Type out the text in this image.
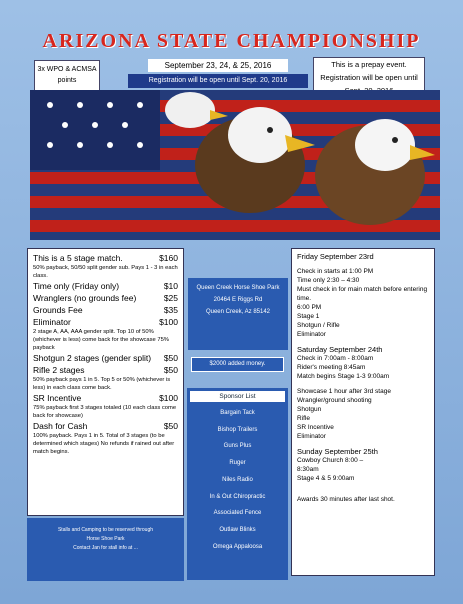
ARIZONA STATE CHAMPIONSHIP
3x WPO & ACMSA
points
September 23, 24, & 25, 2016
Registration will be open until Sept. 20, 2016
This is a prepay event.
Registration will be open until
This is a 5 stage match.	$160
50% payback, 50/50 split gender sub. Pays 1 - 3 in each class.
Time only (Friday only)	$10
Wranglers (no grounds fee)	$25
Grounds Fee	$35
Eliminator	$100
2 stage A, AA, AAA gender split. Top 10 of 50% (whichever is less) come back for the showcase 75% payback
Shotgun 2 stages (gender split) $50
Rifle 2 stages	$50
50% payback pays 1 in 5. Top 5 or 50% (whichever is less) in each class come back.
SR Incentive	$100
75% payback first 3 stages totaled (10 each class come back for showcase)
Dash for Cash	$50
100% payback. Pays 1 in 5. Total of 3 stages (to be determined which stages) No refunds if rained out after match begins.
Queen Creek Horse Shoe Park
20464 E Riggs Rd
Queen Creek, Az 85142
$2000 added money.
Sponsor List
Bargain Tack
Bishop Trailers
Guns Plus
Ruger
Niles Radio
In & Out Chiropractic
Associated Fence
Outlaw Blinks
Omega Appaloosa
Friday September 23rd
Check in starts at 1:00 PM
Time only 2:30 – 4:30
Must check in for main match before entering time.
6:00 PM
Stage 1
Shotgun / Rifle
Eliminator
Saturday September 24th
Check in 7:00am - 8:00am
Rider's meeting 8:45am
Match begins Stage 1-3 9:00am
Showcase 1 hour after 3rd stage
Wrangler/ground shooting
Shotgun
Rifle
SR Incentive
Eliminator
Sunday September 25th
Cowboy Church 8:00 –
8:30am
Stage 4 & 5 9:00am
Awards 30 minutes after last shot.
Stalls and Camping to be reserved through
Horse Shoe Park
Contact Jan for stall info at ...
